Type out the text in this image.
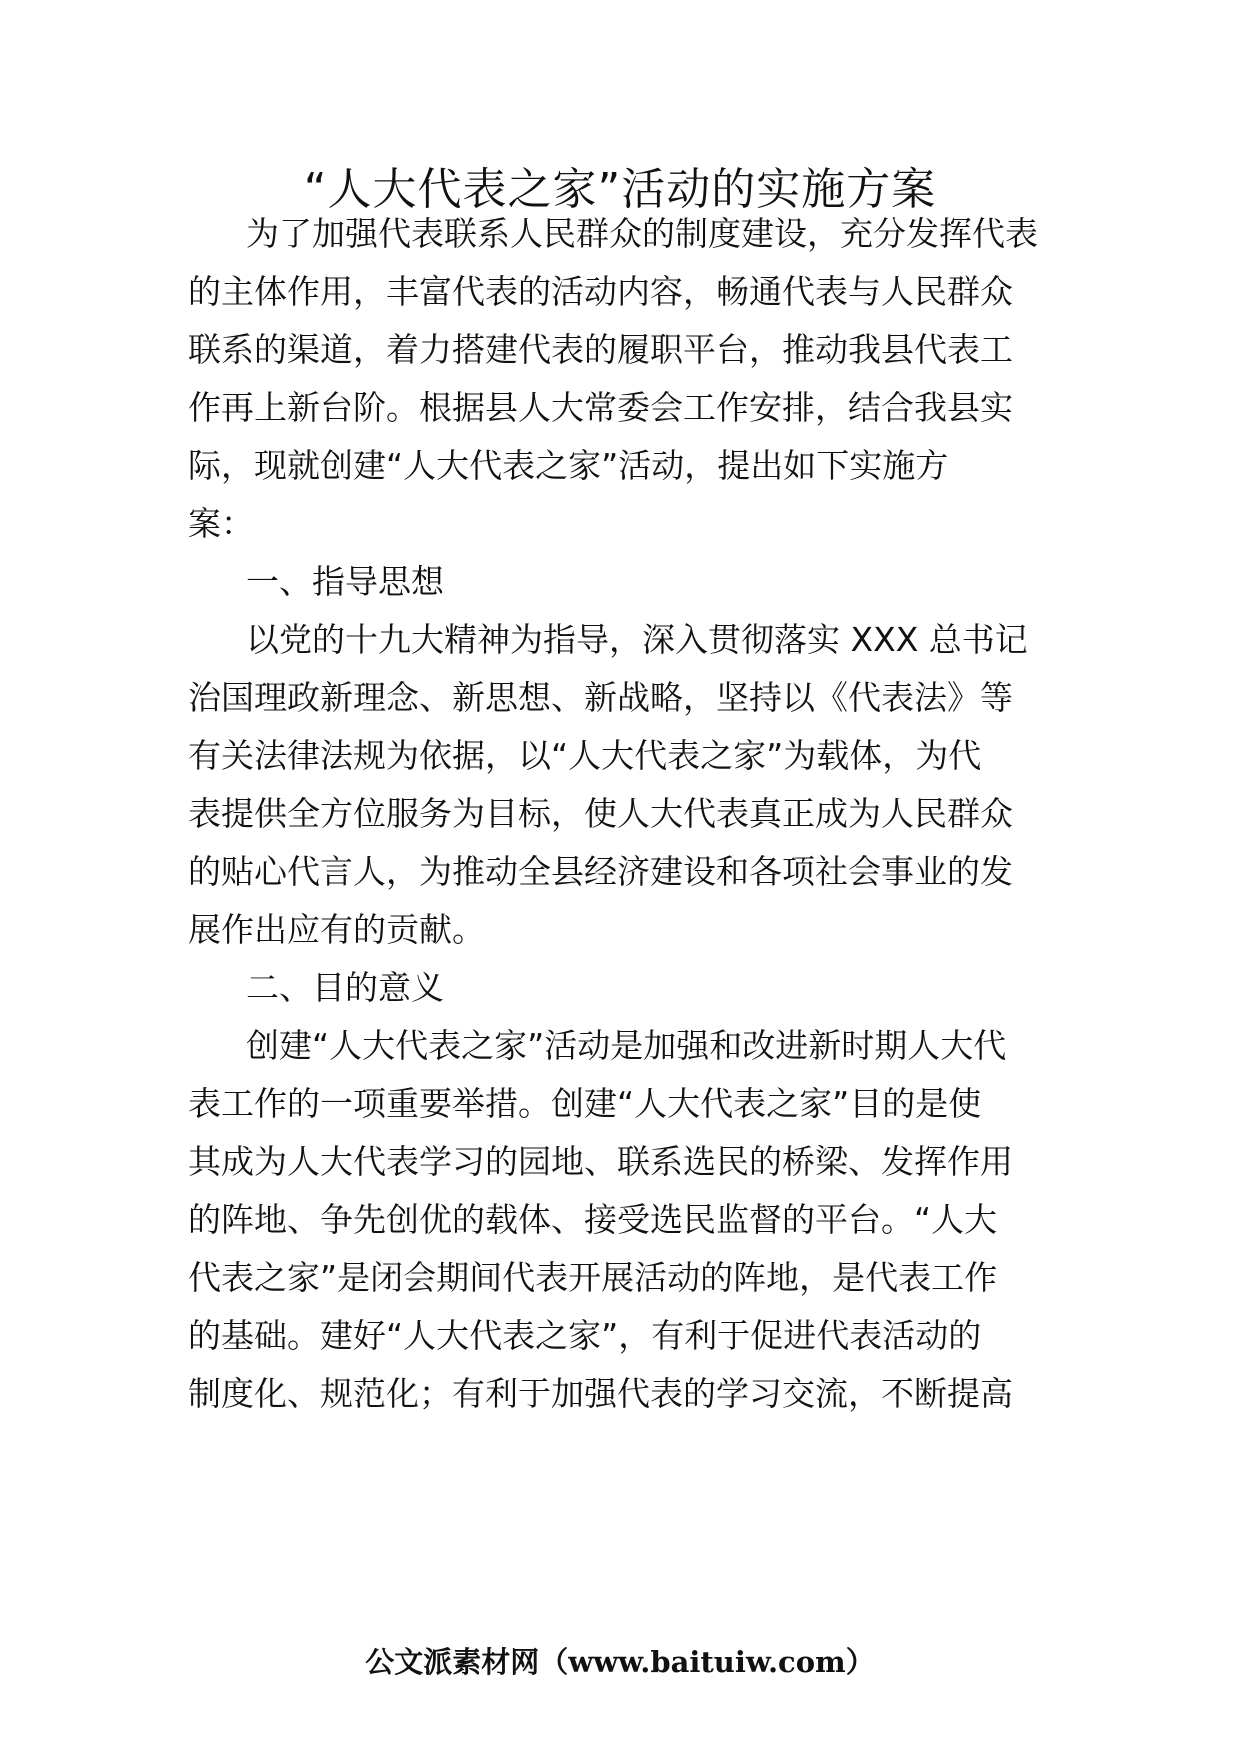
“人大代表之家”活动的实施方案

为了加强代表联系人民群众的制度建设，充分发挥代表

的主体作用，丰富代表的活动内容，畅通代表与人民群众

联系的渠道，着力搭建代表的履职平台，推动我县代表工

作再上新台阶。根据县人大常委会工作安排，结合我县实

际，现就创建“人大代表之家”活动，提出如下实施方

案：

一、指导思想

以党的十九大精神为指导，深入贯彻落实 XXX 总书记

治国理政新理念、新思想、新战略，坚持以《代表法》等

有关法律法规为依据，以“人大代表之家”为载体，为代

表提供全方位服务为目标，使人大代表真正成为人民群众

的贴心代言人，为推动全县经济建设和各项社会事业的发

展作出应有的贡献。

二、目的意义

创建“人大代表之家”活动是加强和改进新时期人大代

表工作的一项重要举措。创建“人大代表之家”目的是使

其成为人大代表学习的园地、联系选民的桥梁、发挥作用

的阵地、争先创优的载体、接受选民监督的平台。“人大

代表之家”是闭会期间代表开展活动的阵地，是代表工作

的基础。建好“人大代表之家”，有利于促进代表活动的

制度化、规范化；有利于加强代表的学习交流，不断提高

公文派素材网（www.baituiw.com）
